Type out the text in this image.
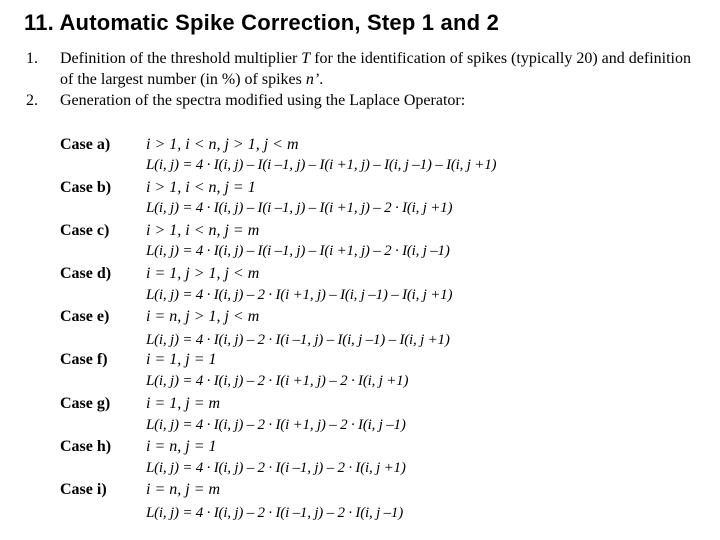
11. Automatic Spike Correction, Step 1 and 2
1. Definition of the threshold multiplier T for the identification of spikes (typically 20) and definition of the largest number (in %) of spikes n’.
2. Generation of the spectra modified using the Laplace Operator:
Case a) i > 1, i < n, j > 1, j < m
L(i, j) = 4 · I(i, j) – I(i –1, j) – I(i +1, j) – I(i, j –1) – I(i, j +1)
Case b) i > 1, i < n, j = 1
L(i, j) = 4 · I(i, j) – I(i –1, j) – I(i +1, j) – 2 · I(i, j +1)
Case c) i > 1, i < n, j = m
L(i, j) = 4 · I(i, j) – I(i –1, j) – I(i +1, j) – 2 · I(i, j –1)
Case d) i = 1, j > 1, j < m
L(i, j) = 4 · I(i, j) – 2 · I(i +1, j) – I(i, j –1) – I(i, j +1)
Case e) i = n, j > 1, j < m
L(i, j) = 4 · I(i, j) – 2 · I(i –1, j) – I(i, j –1) – I(i, j +1)
Case f) i = 1, j = 1
L(i, j) = 4 · I(i, j) – 2 · I(i +1, j) – 2 · I(i, j +1)
Case g) i = 1, j = m
L(i, j) = 4 · I(i, j) – 2 · I(i +1, j) – 2 · I(i, j –1)
Case h) i = n, j = 1
L(i, j) = 4 · I(i, j) – 2 · I(i –1, j) – 2 · I(i, j +1)
Case i) i = n, j = m
L(i, j) = 4 · I(i, j) – 2 · I(i –1, j) – 2 · I(i, j –1)
